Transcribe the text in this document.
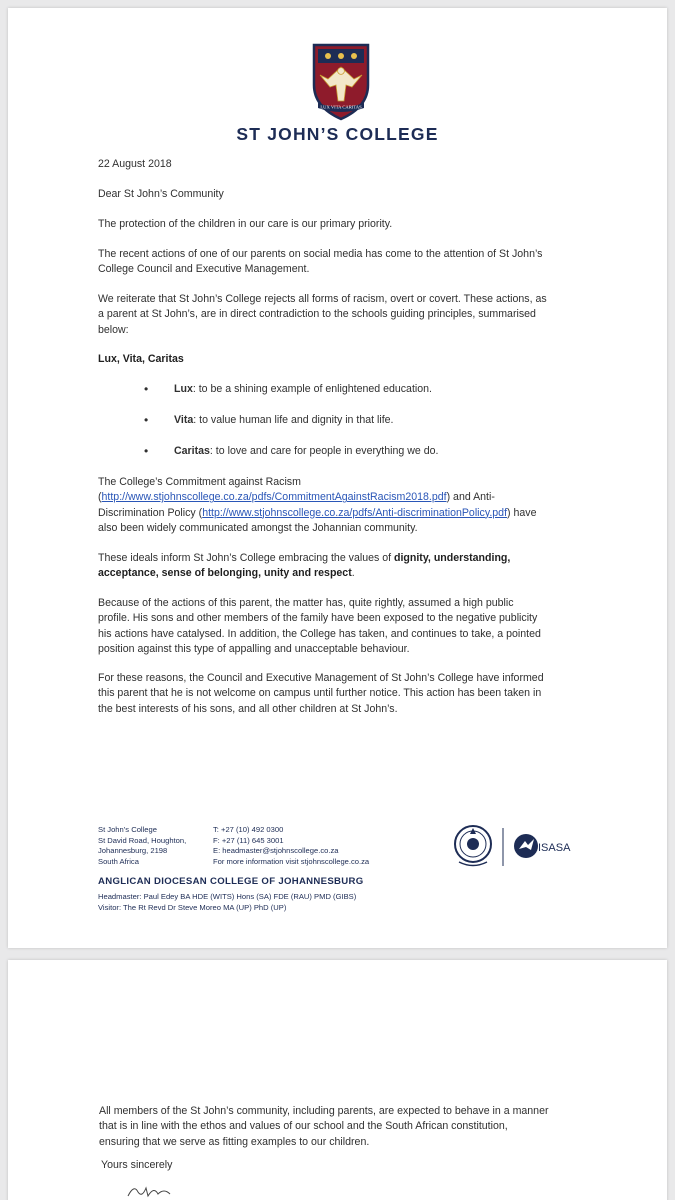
LUX VITA CARITAS
ST JOHN’S COLLEGE
22 August 2018
Dear St John’s Community
The protection of the children in our care is our primary priority.
The recent actions of one of our parents on social media has come to the attention of St John’s
College Council and Executive Management.
We reiterate that St John’s College rejects all forms of racism, overt or covert. These actions, as
a parent at St John’s, are in direct contradiction to the schools guiding principles, summarised
below:
Lux, Vita, Caritas
• Lux: to be a shining example of enlightened education.
• Vita: to value human life and dignity in that life.
• Caritas: to love and care for people in everything we do.
The College’s Commitment against Racism
(http://www.stjohnscollege.co.za/pdfs/CommitmentAgainstRacism2018.pdf) and Anti-
Discrimination Policy (http://www.stjohnscollege.co.za/pdfs/Anti-discriminationPolicy.pdf) have
also been widely communicated amongst the Johannian community.
These ideals inform St John’s College embracing the values of dignity, understanding,
acceptance, sense of belonging, unity and respect.
Because of the actions of this parent, the matter has, quite rightly, assumed a high public
profile. His sons and other members of the family have been exposed to the negative publicity
his actions have catalysed. In addition, the College has taken, and continues to take, a pointed
position against this type of appalling and unacceptable behaviour.
For these reasons, the Council and Executive Management of St John’s College have informed
this parent that he is not welcome on campus until further notice. This action has been taken in
the best interests of his sons, and all other children at St John’s.
St John’s College
St David Road, Houghton,
Johannesburg, 2198
South Africa
T: +27 (10) 492 0300
F: +27 (11) 645 3001
E: headmaster@stjohnscollege.co.za
For more information visit stjohnscollege.co.za
ANGLICAN DIOCESAN COLLEGE OF JOHANNESBURG
Headmaster: Paul Edey BA HDE (WITS) Hons (SA) FDE (RAU) PMD (GIBS)
Visitor: The Rt Revd Dr Steve Moreo MA (UP) PhD (UP)
ISASA
All members of the St John’s community, including parents, are expected to behave in a manner
that is in line with the ethos and values of our school and the South African constitution,
ensuring that we serve as fitting examples to our children.
Yours sincerely
